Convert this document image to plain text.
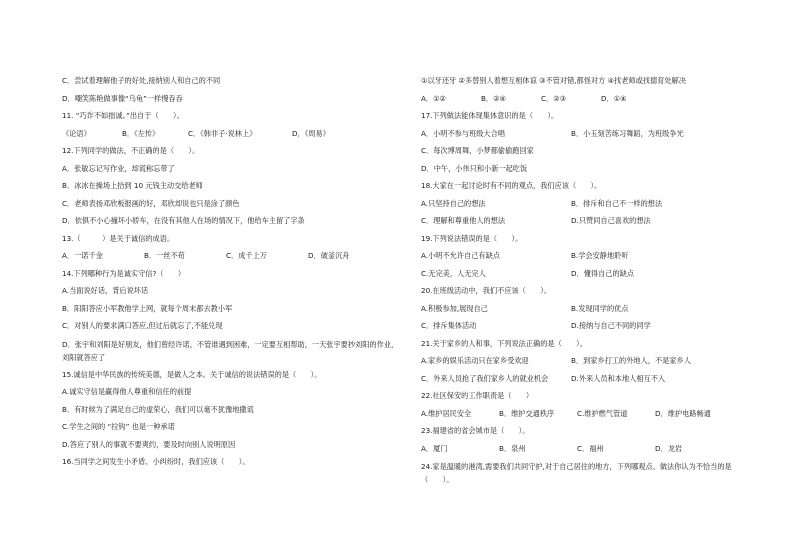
C．尝试着理解他子的好处,接纳别人和自己的不同
D．嘲笑陈艳做事像“乌龟”一样慢吞吞
11. “巧诈不如拙诚。”出自于（　　）。
《论语》	B．《左传》	C．《韩非子·说林上》	D．《周易》
12.下列同学的做法，不正确的是（　　）。
A．张敏忘记写作业，却谎称忘带了
B．冰冰在操场上拾到 10 元钱主动交给老师
C．老师表扬邓欣板报画的好，邓欣却说也只是涂了颜色
D．依俱不小心撞坏小轿车，在没有其他人在场的情况下，他给车主留了字条
13.（　　　）是关于诚信的成语。
A．一诺千金	B．一丝不苟	C．成千上万	D．破釜沉舟
14.下列哪种行为是诚实守信?（　　）
A.当面说好话，背后说坏话
B．阳阳答应小军教他学上网，就每个周末都去教小军
C．对别人的要求满口答应,但过后就忘了,不能兑现
D．张宇和刘阳是好朋友，他们曾经许诺，不管谁遇到困难，一定要互相帮助，一天张宇要抄刘阳的作业，刘阳就答应了
15.诚信是中华民族的传统美德，是做人之本。关于诚信的说法错误的是（　　）。
A.诚实守信是赢得他人尊重和信任的前提
B．有时候为了满足自己的虚荣心，我们可以毫不犹豫地撒谎
C.学生之间的 “拉钩” 也是一种承诺
D.答应了别人的事就不要爽约，要及时向别人说明原因
16.当同学之间发生小矛盾、小纠纷时，我们应该（　　）。
①以牙还牙 ②多替别人着想互相体谅 ③不管对错,都怪对方 ④找老师或找德育处解决
A．①②	B．②④	C．②③	D．①④
17.下列做法能体现集体意识的是（　　）。
A．小明不参与班级大合唱	B．小玉刻苦练习舞蹈，为班级争光
C．每次博周舞，小梦都偷偷跑回家
D．中午，小伟只和小新一起吃饭
18.大家在一起讨论时有不同的观点，我们应该（　　）。
A.只坚持自己的想法	B．排斥和自己不一样的想法
C．理解和尊重他人的想法	D.只赞同自己喜欢的想法
19.下列说法错误的是（　　）。
A.小明不允许自己有缺点	B.学会安静地聆听
C.无完美，人无完人	D．懂得自己的缺点
20.在班级活动中，我们不应该（　　）。
A.积极参加,展现自己	B.发现同学的优点
C．排斥集体活动	D.接纳与自己不同的同学
21.关于家乡的人和事，下列说法正确的是（　　）。
A.家乡的娱乐活动只在家乡受欢迎	B．到家乡打工的外地人，不是家乡人
C．外来人员抢了我们家乡人的就业机会	D.外来人员和本地人相互不入
22.社区保安的工作职责是（　　）
A.维护居民安全	B．维护交通秩序	C.维护燃气管道	D．维护电路畅通
23.福建省的省会城市是（　　）。
A．厦门	B．泉州	C．福州	D．龙岩
24.家是温暖的港湾,需要我们共同守护,对于自己居住的地方，下列哪观点、做法你认为不恰当的是（　　）。
